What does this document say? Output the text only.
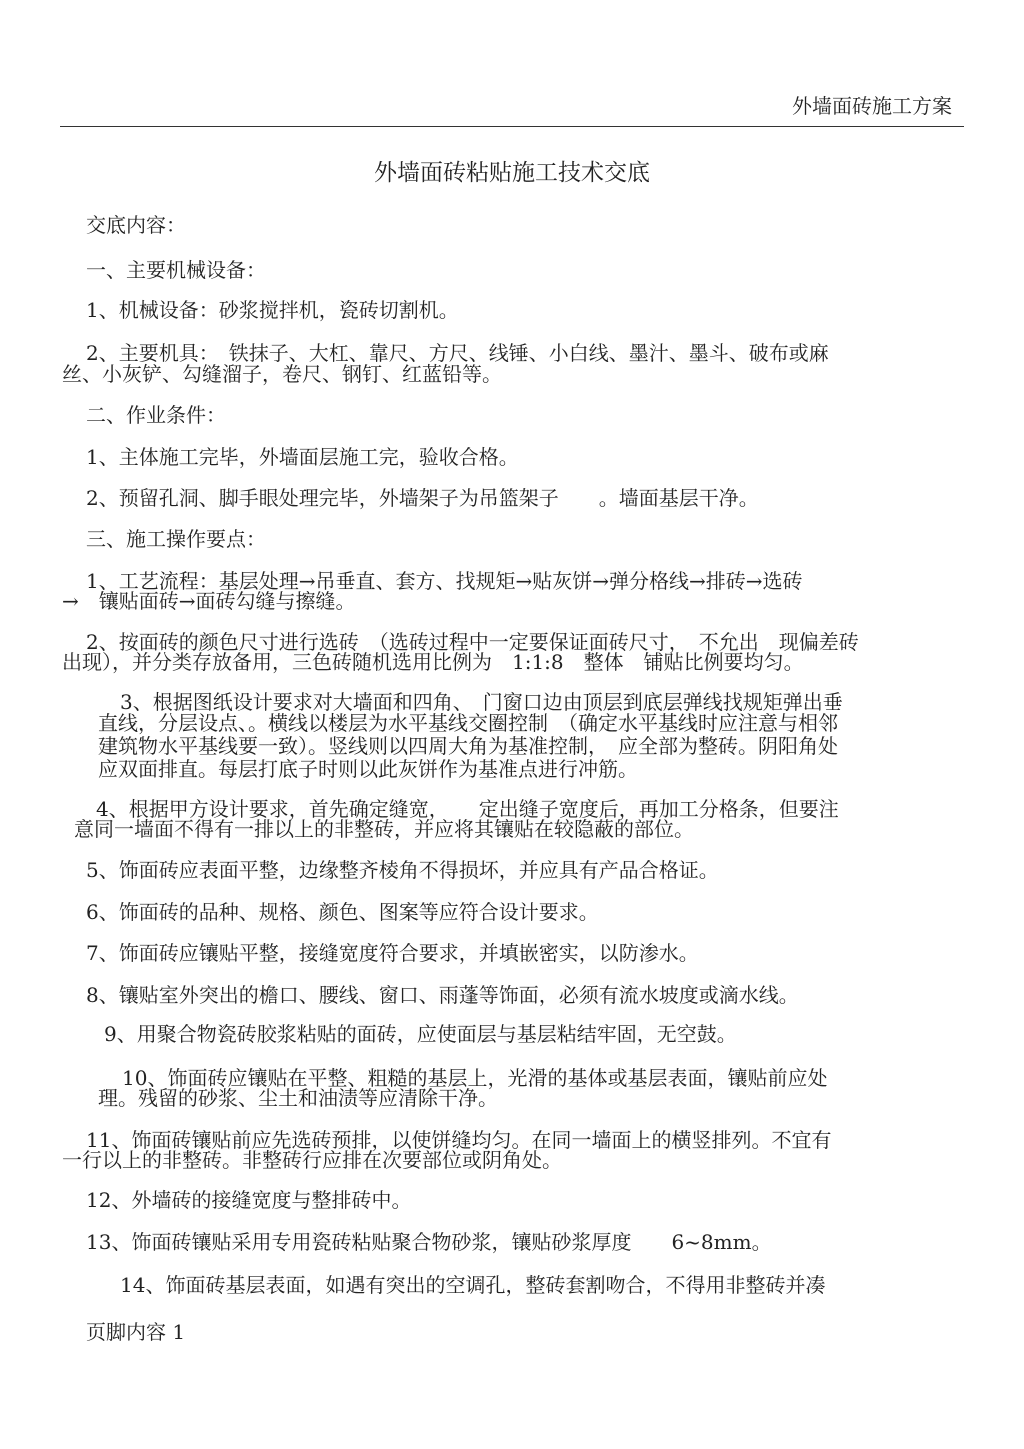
外墙面砖施工方案
外墙面砖粘贴施工技术交底
交底内容：
一、主要机械设备：
1、机械设备：砂浆搅拌机，瓷砖切割机。
2、主要机具：　铁抹子、大杠、靠尺、方尺、线锤、小白线、墨汁、墨斗、破布或麻
丝、小灰铲、勾缝溜子，卷尺、钢钉、红蓝铅等。
二、作业条件：
1、主体施工完毕，外墙面层施工完，验收合格。
2、预留孔洞、脚手眼处理完毕，外墙架子为吊篮架子　　。墙面基层干净。
三、施工操作要点：
1、工艺流程：基层处理→吊垂直、套方、找规矩→贴灰饼→弹分格线→排砖→选砖
→　镶贴面砖→面砖勾缝与擦缝。
2、按面砖的颜色尺寸进行选砖　（选砖过程中一定要保证面砖尺寸，　不允出　现偏差砖
出现），并分类存放备用，三色砖随机选用比例为　1:1:8　整体　铺贴比例要均匀。
3、根据图纸设计要求对大墙面和四角、　门窗口边由顶层到底层弹线找规矩弹出垂
直线，分层设点、。横线以楼层为水平基线交圈控制　（确定水平基线时应注意与相邻
建筑物水平基线要一致）。竖线则以四周大角为基准控制，　应全部为整砖。阴阳角处
应双面排直。每层打底子时则以此灰饼作为基准点进行冲筋。
4、根据甲方设计要求，首先确定缝宽，　　定出缝子宽度后，再加工分格条，但要注
意同一墙面不得有一排以上的非整砖，并应将其镶贴在较隐蔽的部位。
5、饰面砖应表面平整，边缘整齐棱角不得损坏，并应具有产品合格证。
6、饰面砖的品种、规格、颜色、图案等应符合设计要求。
7、饰面砖应镶贴平整，接缝宽度符合要求，并填嵌密实，以防渗水。
8、镶贴室外突出的檐口、腰线、窗口、雨蓬等饰面，必须有流水坡度或滴水线。
9、用聚合物瓷砖胶浆粘贴的面砖，应使面层与基层粘结牢固，无空鼓。
10、饰面砖应镶贴在平整、粗糙的基层上，光滑的基体或基层表面，镶贴前应处
理。残留的砂浆、尘土和油渍等应清除干净。
11、饰面砖镶贴前应先选砖预排，以使饼缝均匀。在同一墙面上的横竖排列。不宜有
一行以上的非整砖。非整砖行应排在次要部位或阴角处。
12、外墙砖的接缝宽度与整排砖中。
13、饰面砖镶贴采用专用瓷砖粘贴聚合物砂浆，镶贴砂浆厚度　　6~8mm。
14、饰面砖基层表面，如遇有突出的空调孔，整砖套割吻合，不得用非整砖并凑
页脚内容 1
